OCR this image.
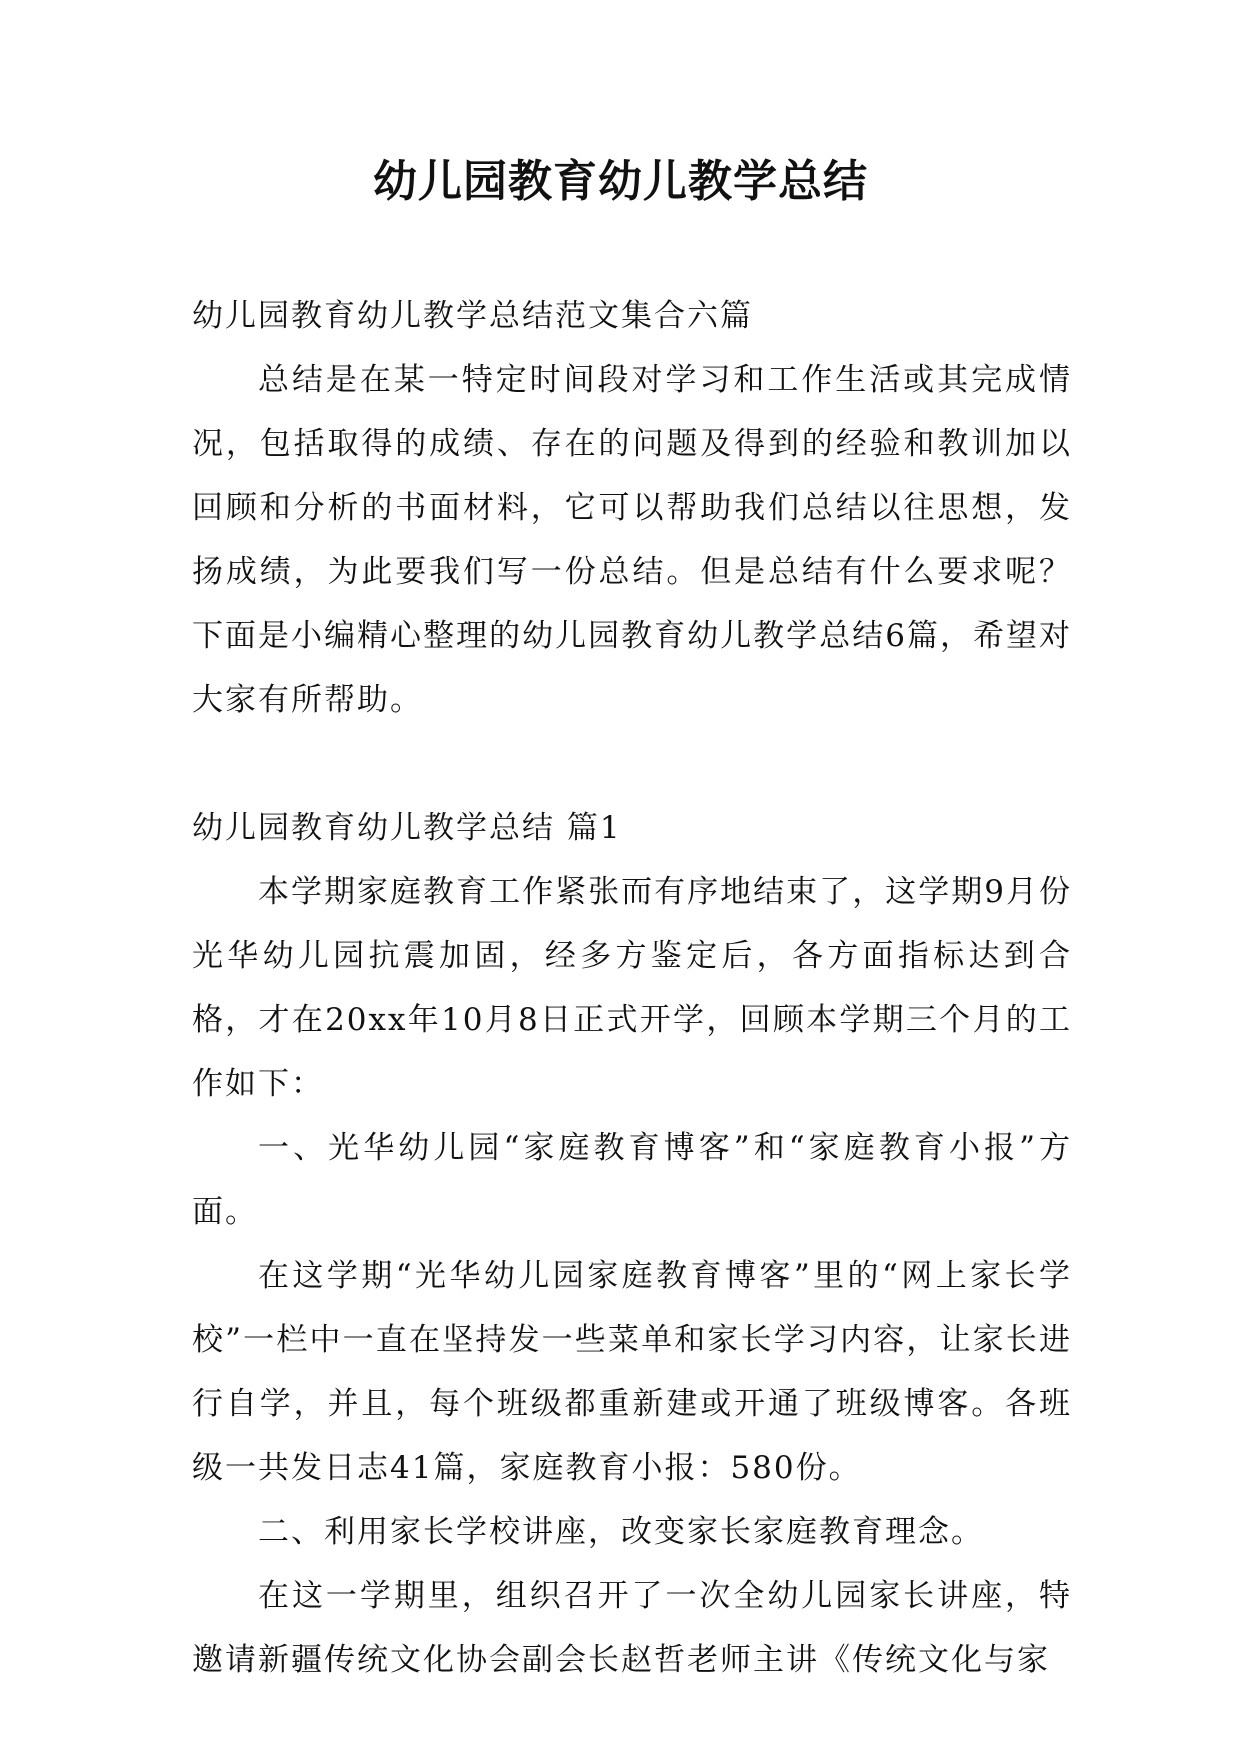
幼儿园教育幼儿教学总结

幼儿园教育幼儿教学总结范文集合六篇

总结是在某一特定时间段对学习和工作生活或其完成情况，包括取得的成绩、存在的问题及得到的经验和教训加以回顾和分析的书面材料，它可以帮助我们总结以往思想，发扬成绩，为此要我们写一份总结。但是总结有什么要求呢？下面是小编精心整理的幼儿园教育幼儿教学总结6篇，希望对大家有所帮助。

幼儿园教育幼儿教学总结 篇1

本学期家庭教育工作紧张而有序地结束了，这学期9月份光华幼儿园抗震加固，经多方鉴定后，各方面指标达到合格，才在20xx年10月8日正式开学，回顾本学期三个月的工作如下：

一、光华幼儿园“家庭教育博客”和“家庭教育小报”方面。

在这学期“光华幼儿园家庭教育博客”里的“网上家长学校”一栏中一直在坚持发一些菜单和家长学习内容，让家长进行自学，并且，每个班级都重新建或开通了班级博客。各班级一共发日志41篇，家庭教育小报：580份。

二、利用家长学校讲座，改变家长家庭教育理念。

在这一学期里，组织召开了一次全幼儿园家长讲座，特邀请新疆传统文化协会副会长赵哲老师主讲《传统文化与家
